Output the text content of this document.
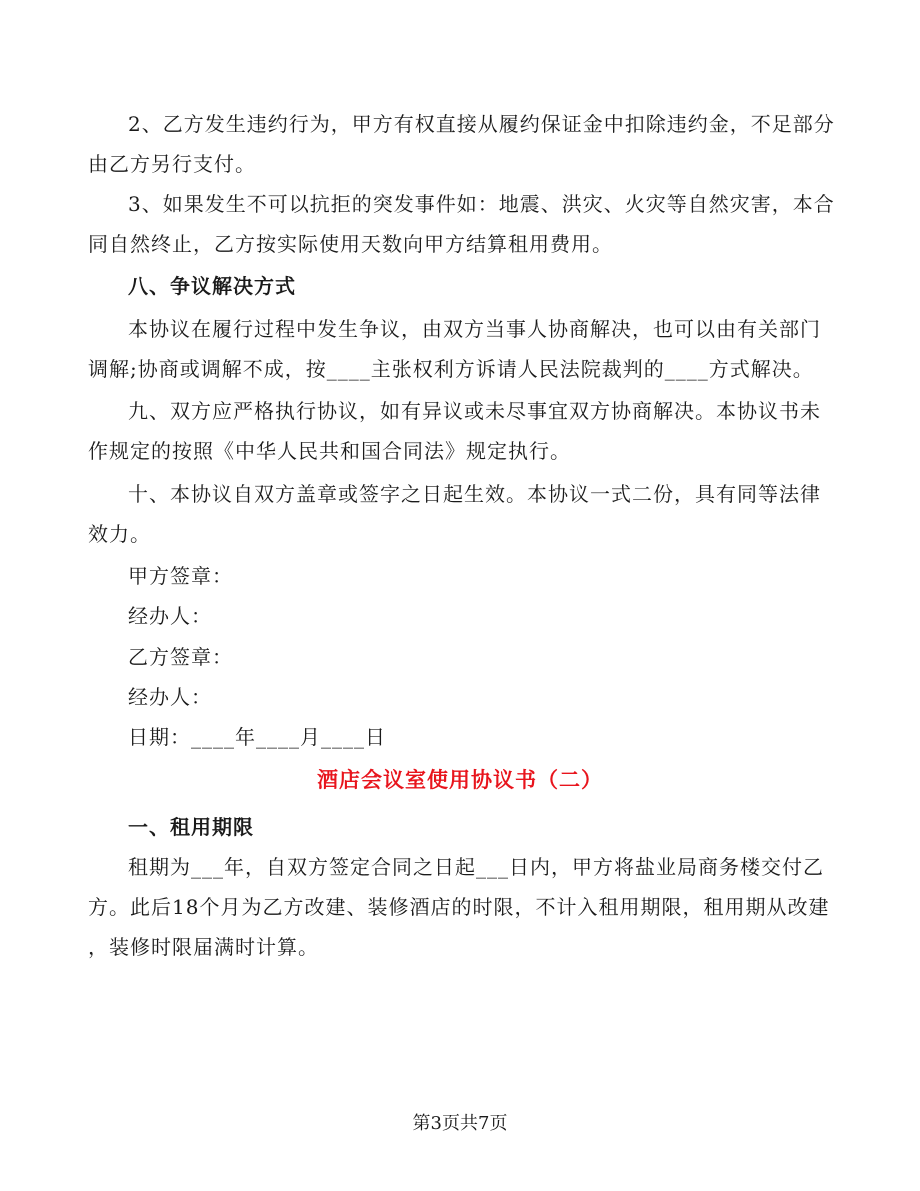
2、乙方发生违约行为，甲方有权直接从履约保证金中扣除违约金，不足部分
由乙方另行支付。
3、如果发生不可以抗拒的突发事件如：地震、洪灾、火灾等自然灾害，本合
同自然终止，乙方按实际使用天数向甲方结算租用费用。
八、争议解决方式
本协议在履行过程中发生争议，由双方当事人协商解决，也可以由有关部门
调解;协商或调解不成，按____主张权利方诉请人民法院裁判的____方式解决。
九、双方应严格执行协议，如有异议或未尽事宜双方协商解决。本协议书未
作规定的按照《中华人民共和国合同法》规定执行。
十、本协议自双方盖章或签字之日起生效。本协议一式二份，具有同等法律
效力。
甲方签章：
经办人：
乙方签章：
经办人：
日期：____年____月____日
酒店会议室使用协议书（二）
一、租用期限
租期为___年，自双方签定合同之日起___日内，甲方将盐业局商务楼交付乙
方。此后18个月为乙方改建、装修酒店的时限，不计入租用期限，租用期从改建
，装修时限届满时计算。
第3页共7页
